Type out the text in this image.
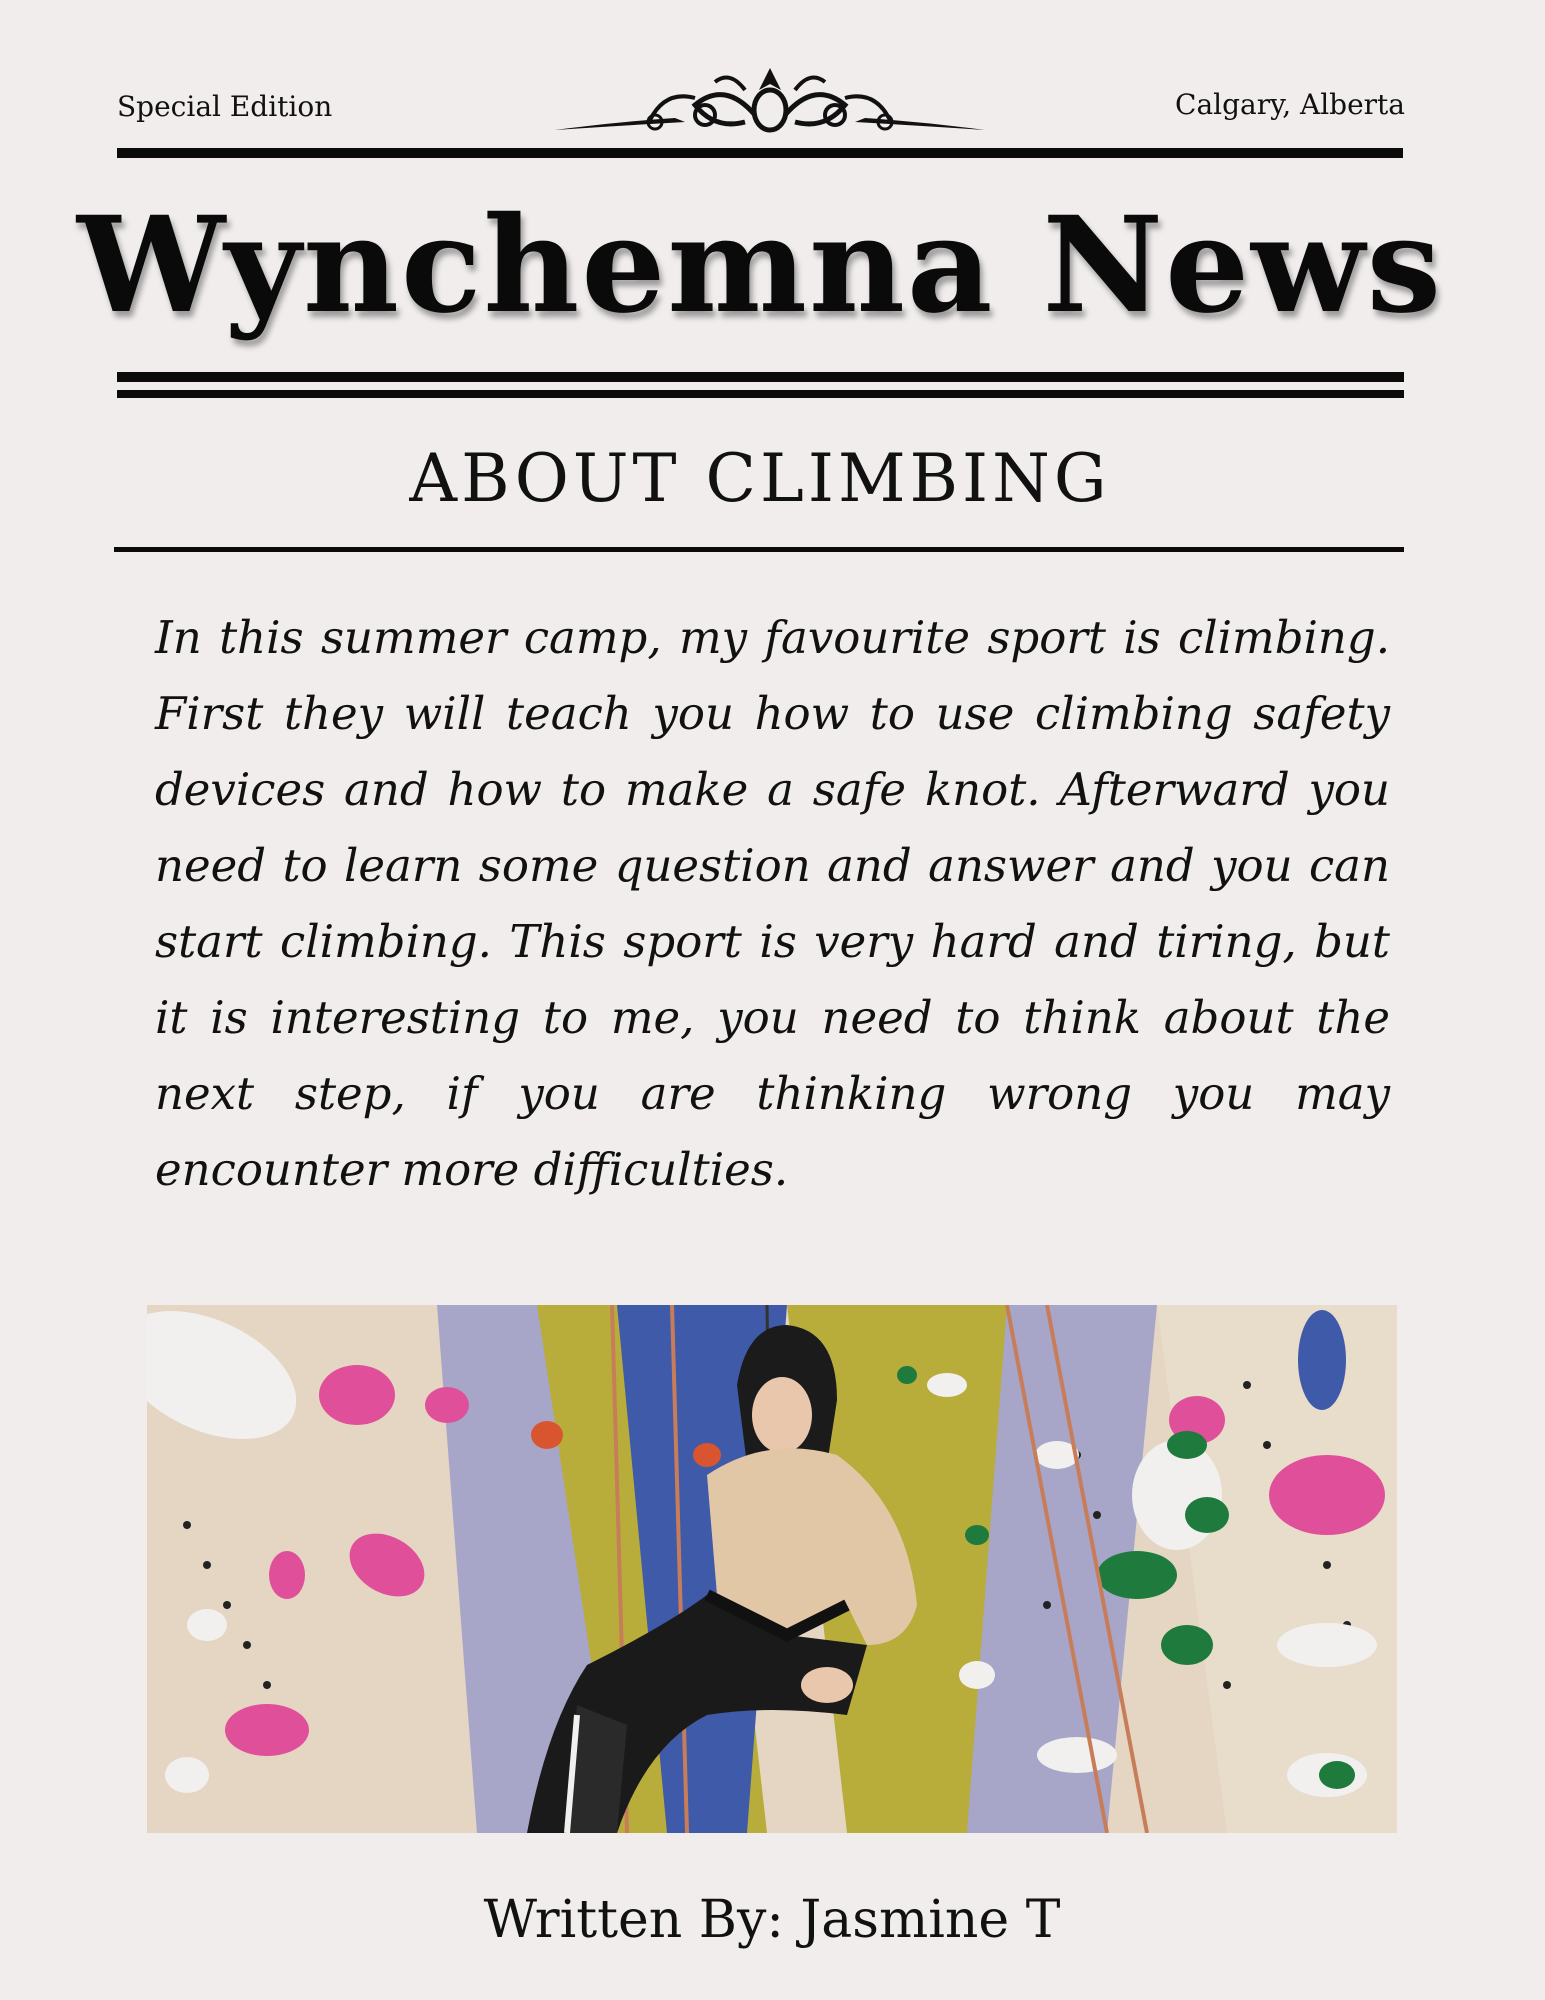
Special Edition	Calgary, Alberta
Wynchemna News
ABOUT CLIMBING

In this summer camp, my favourite sport is climbing. First they will teach you how to use climbing safety devices and how to make a safe knot. Afterward you need to learn some question and answer and you can start climbing. This sport is very hard and tiring, but it is interesting to me, you need to think about the next step, if you are thinking wrong you may encounter more difficulties.

Written By: Jasmine T
